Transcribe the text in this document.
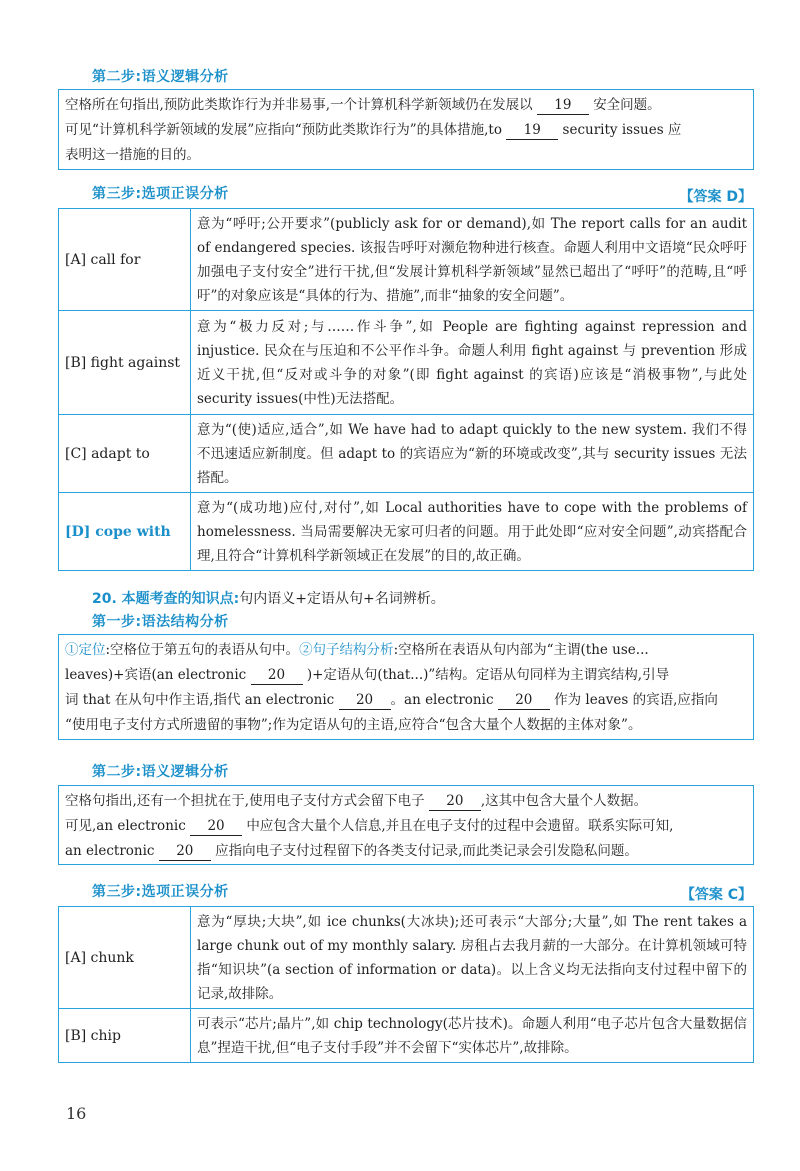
第二步:语义逻辑分析

空格所在句指出,预防此类欺诈行为并非易事,一个计算机科学新领域仍在发展以 19 安全问题。

可见“计算机科学新领域的发展”应指向“预防此类欺诈行为”的具体措施,to 19 security issues 应

表明这一措施的目的。

第三步:选项正误分析	【答案 D】
[A] call for	意为“呼吁;公开要求”(publicly ask for or demand),如 The report calls for an audit of endangered species. 该报告呼吁对濒危物种进行核查。命题人利用中文语境“民众呼吁加强电子支付安全”进行干扰,但“发展计算机科学新领域”显然已超出了“呼吁”的范畴,且“呼吁”的对象应该是“具体的行为、措施”,而非“抽象的安全问题”。
[B] fight against	意为“极力反对;与……作斗争”,如 People are fighting against repression and injustice. 民众在与压迫和不公平作斗争。命题人利用 fight against 与 prevention 形成近义干扰,但“反对或斗争的对象”(即 fight against 的宾语)应该是“消极事物”,与此处 security issues(中性)无法搭配。
[C] adapt to	意为“(使)适应,适合”,如 We have had to adapt quickly to the new system. 我们不得不迅速适应新制度。但 adapt to 的宾语应为“新的环境或改变”,其与 security issues 无法搭配。
[D] cope with	意为“(成功地)应付,对付”,如 Local authorities have to cope with the problems of homelessness. 当局需要解决无家可归者的问题。用于此处即“应对安全问题”,动宾搭配合理,且符合“计算机科学新领域正在发展”的目的,故正确。
20. 本题考查的知识点:句内语义+定语从句+名词辨析。
第一步:语法结构分析

①定位:空格位于第五句的表语从句中。②句子结构分析:空格所在表语从句内部为“主谓(the use...

leaves)+宾语(an electronic 20 )+定语从句(that...)”结构。定语从句同样为主谓宾结构,引导

词 that 在从句中作主语,指代 an electronic 20 。an electronic 20 作为 leaves 的宾语,应指向

“使用电子支付方式所遗留的事物”;作为定语从句的主语,应符合“包含大量个人数据的主体对象”。

第二步:语义逻辑分析

空格句指出,还有一个担扰在于,使用电子支付方式会留下电子 20 ,这其中包含大量个人数据。

可见,an electronic 20 中应包含大量个人信息,并且在电子支付的过程中会遗留。联系实际可知,

an electronic 20 应指向电子支付过程留下的各类支付记录,而此类记录会引发隐私问题。

第三步:选项正误分析	【答案 C】
[A] chunk	意为“厚块;大块”,如 ice chunks(大冰块);还可表示“大部分;大量”,如 The rent takes a large chunk out of my monthly salary. 房租占去我月薪的一大部分。在计算机领域可特指“知识块”(a section of information or data)。以上含义均无法指向支付过程中留下的记录,故排除。
[B] chip	可表示“芯片;晶片”,如 chip technology(芯片技术)。命题人利用“电子芯片包含大量数据信息”捏造干扰,但“电子支付手段”并不会留下“实体芯片”,故排除。
16
